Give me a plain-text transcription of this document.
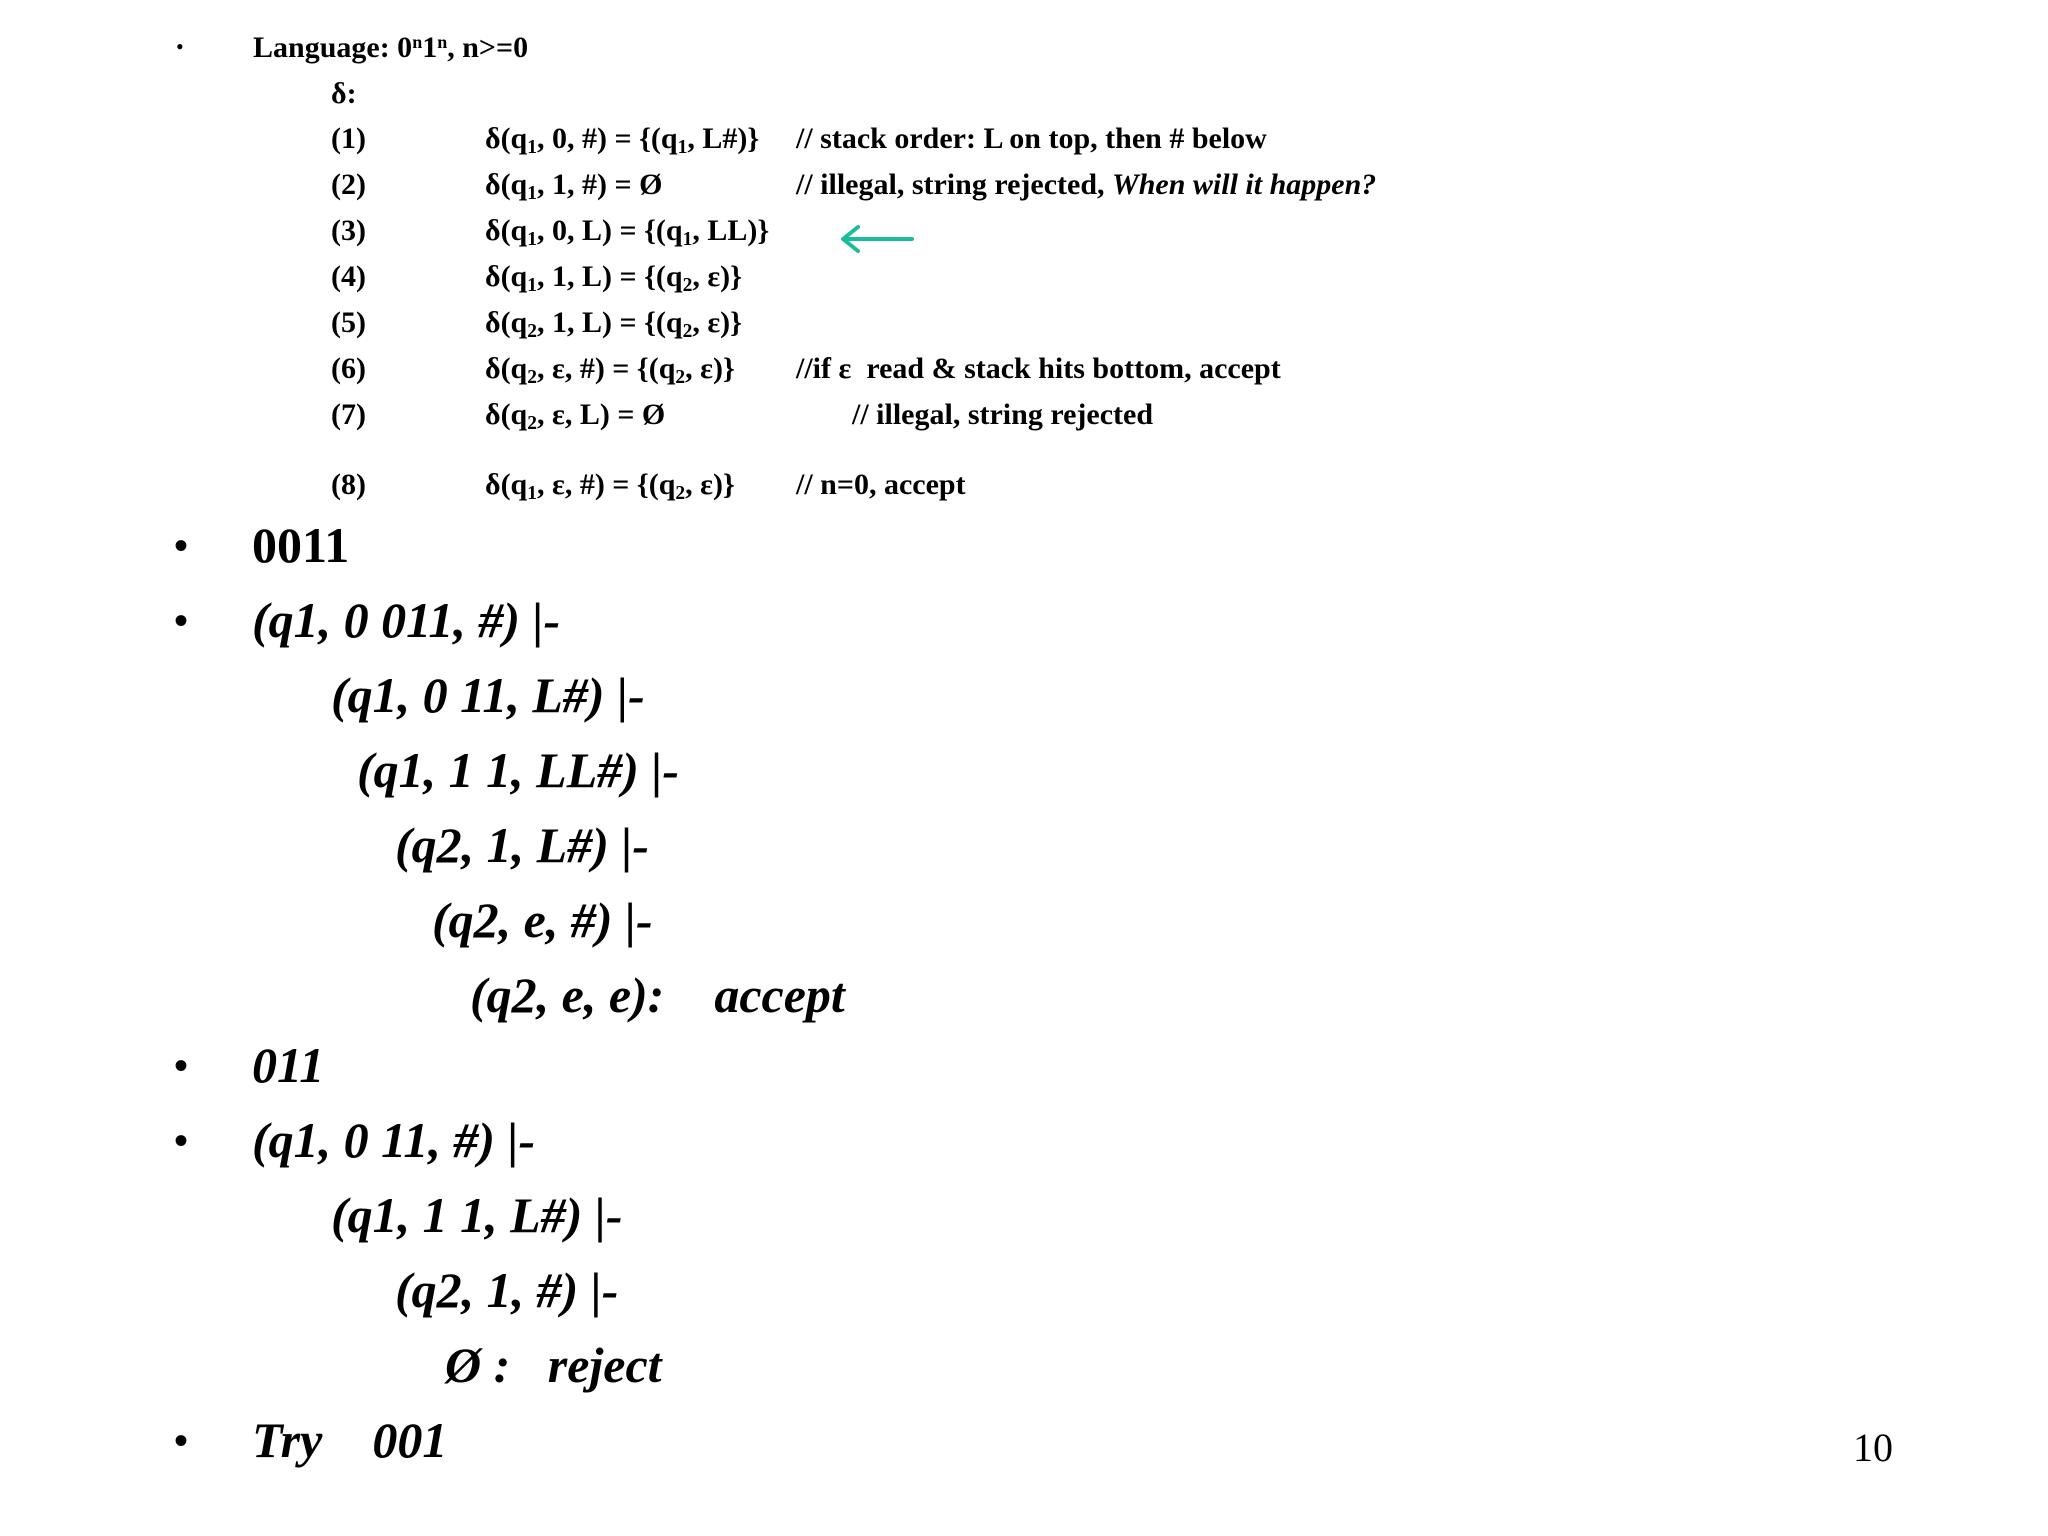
• Language: 0$^n$1$^n$, n>=0
δ:
(1)	$\delta(q_1$, 0, #) = {($q_1$, L#)} // stack order: L on top, then # below
(2)	$\delta(q_1$, 1, #) = Ø	// illegal, string rejected, When will it happen?
(3)	$\delta(q_1$, 0, $L) = \{(q_1$, LL)}
(4)	$\delta(q_1$, 1, $L) = \{(q_2$, ε)}
(5)	$\delta(q_2$, 1, $L) = \{(q_2$, ε)}
(6)	$\delta(q_2$, ε, #) = {($q_2$, ε)} //if ε  read & stack hits bottom, accept
(7)	$\delta(q_2$, ε, L) = Ø	// illegal, string rejected
(8)	$\delta(q_1$, ε, #) = {($q_2$, ε)} // n=0, accept
• 0011
• (q1, 0 011, #) |-
(q1, 0 11, L#) |-
(q1, 1 1, LL#) |-
(q2, 1, L#) |-
(q2, e, #) |-
(q2, e, e):    accept
• 011
• (q1, 0 11, #) |-
(q1, 1 1, L#) |-
(q2, 1, #) |-
Ø :   reject
• Try    001	10
